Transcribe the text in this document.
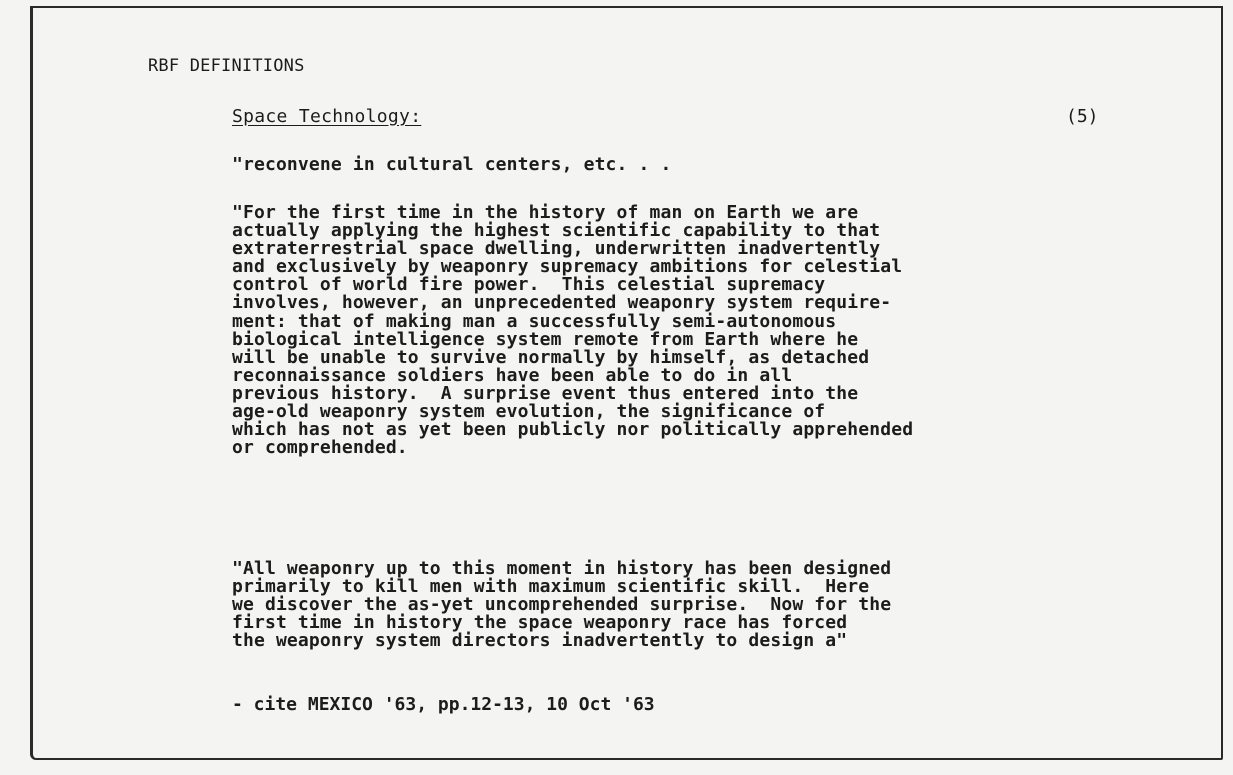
RBF DEFINITIONS
Space Technology:	(5)

"reconvene in cultural centers, etc. . .

"For the first time in the history of man on Earth we are
actually applying the highest scientific capability to that
extraterrestrial space dwelling, underwritten inadvertently
and exclusively by weaponry supremacy ambitions for celestial
control of world fire power.  This celestial supremacy
involves, however, an unprecedented weaponry system require-
ment: that of making man a successfully semi-autonomous
biological intelligence system remote from Earth where he
will be unable to survive normally by himself, as detached
reconnaissance soldiers have been able to do in all
previous history.  A surprise event thus entered into the
age-old weaponry system evolution, the significance of
which has not as yet been publicly nor politically apprehended
or comprehended.

"All weaponry up to this moment in history has been designed
primarily to kill men with maximum scientific skill.  Here
we discover the as-yet uncomprehended surprise.  Now for the
first time in history the space weaponry race has forced
the weaponry system directors inadvertently to design a"

- cite MEXICO '63, pp.12-13, 10 Oct '63
